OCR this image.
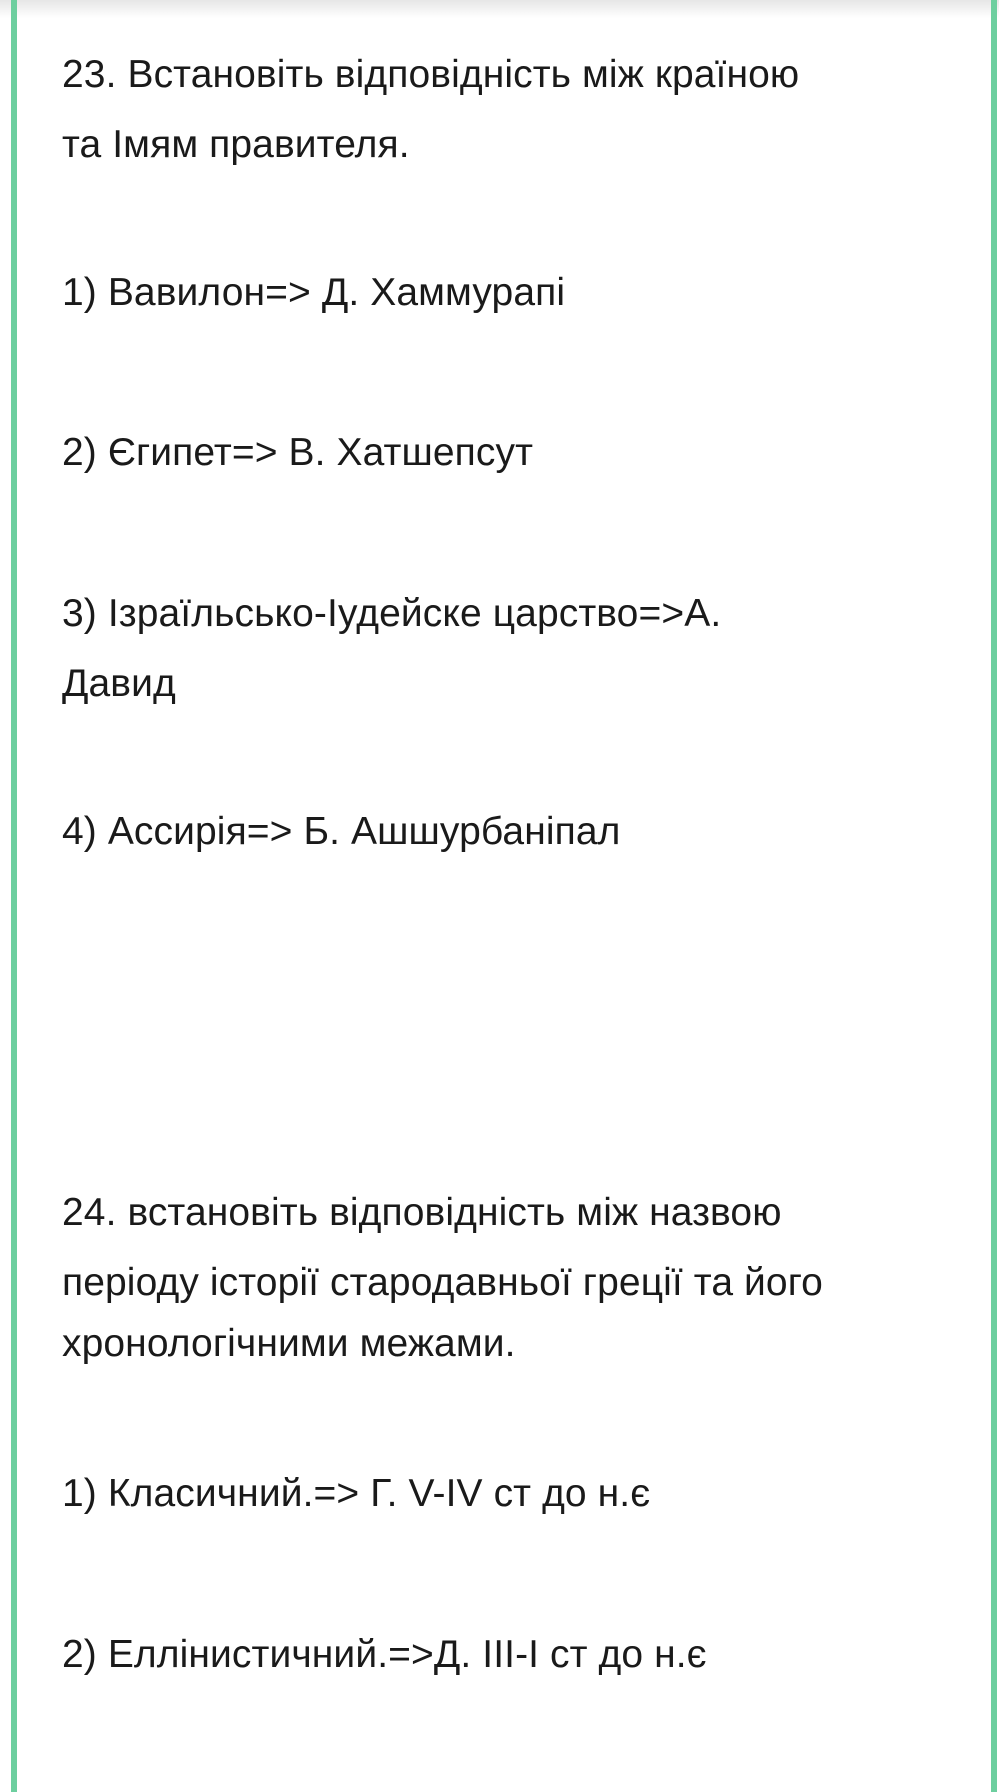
23. Встановіть відповідність між країною
та Імям правителя.
1) Вавилон=> Д. Хаммурапі
2) Єгипет=> В. Хатшепсут
3) Ізраїльсько-Іудейске царство=>А.
Давид
4) Ассирія=> Б. Ашшурбаніпал
24. встановіть відповідність між назвою
періоду історії стародавньої греції та його
хронологічними межами.
1) Класичний.=> Г. V-IV ст до н.є
2) Еллінистичний.=>Д. III-I ст до н.є
